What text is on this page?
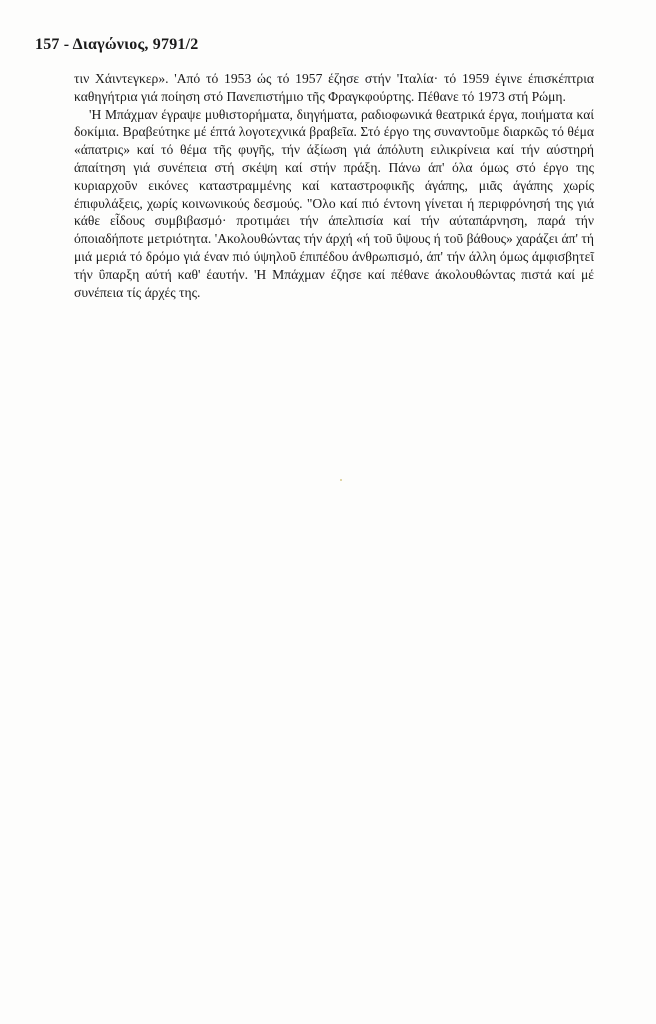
157 - Διαγώνιος, 9791/2

τιν Χάιντεγκερ». 'Από τό 1953 ώς τό 1957 έζησε στήν 'Ιταλία· τό 1959 έγινε έπισκέπτρια καθηγήτρια γιά ποίηση στό Πανεπιστήμιο τῆς Φραγκφούρτης. Πέθανε τό 1973 στή Ρώμη.

'Η Μπάχμαν έγραψε μυθιστορήματα, διηγήματα, ραδιοφωνικά θεατρικά έργα, ποιήματα καί δοκίμια. Βραβεύτηκε μέ έπτά λογοτεχνικά βραβεῖα. Στό έργο της συναντοῦμε διαρκῶς τό θέμα «άπατρις» καί τό θέμα τῆς φυγῆς, τήν άξίωση γιά άπόλυτη ειλικρίνεια καί τήν αύστηρή άπαίτηση γιά συνέπεια στή σκέψη καί στήν πράξη. Πάνω άπ' όλα όμως στό έργο της κυριαρχοῦν εικόνες καταστραμμένης καί καταστροφικῆς άγάπης, μιᾶς άγάπης χωρίς έπιφυλάξεις, χωρίς κοινωνικούς δεσμούς. "Ολο καί πιό έντονη γίνεται ή περιφρόνησή της γιά κάθε εἶδους συμβιβασμό· προτιμάει τήν άπελπισία καί τήν αύταπάρνηση, παρά τήν όποιαδήποτε μετριότητα. 'Ακολουθώντας τήν άρχή «ή τοῦ ΰψους ή τοῦ βάθους» χαράζει άπ' τή μιά μεριά τό δρόμο γιά έναν πιό ύψηλοῦ έπιπέδου άνθρωπισμό, άπ' τήν άλλη όμως άμφισβητεῖ τήν ΰπαρξη αύτή καθ' έαυτήν. 'Η Μπάχμαν έζησε καί πέθανε άκολουθώντας πιστά καί μέ συνέπεια τίς άρχές της.
